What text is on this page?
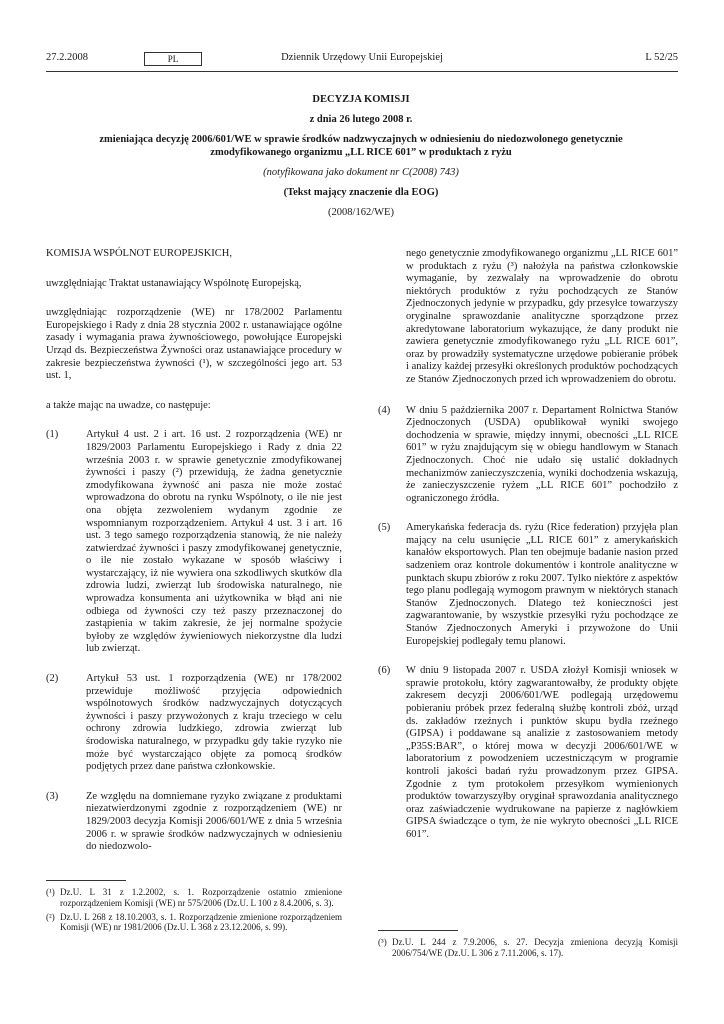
27.2.2008	PL	Dziennik Urzędowy Unii Europejskiej	L 52/25
DECYZJA KOMISJI
z dnia 26 lutego 2008 r.
zmieniająca decyzję 2006/601/WE w sprawie środków nadzwyczajnych w odniesieniu do niedozwolonego genetycznie zmodyfikowanego organizmu „LL RICE 601” w produktach z ryżu
(notyfikowana jako dokument nr C(2008) 743)
(Tekst mający znaczenie dla EOG)
(2008/162/WE)

KOMISJA WSPÓLNOT EUROPEJSKICH,

uwzględniając Traktat ustanawiający Wspólnotę Europejską,

uwzględniając rozporządzenie (WE) nr 178/2002 Parlamentu Europejskiego i Rady z dnia 28 stycznia 2002 r. ustanawiające ogólne zasady i wymagania prawa żywnościowego, powołujące Europejski Urząd ds. Bezpieczeństwa Żywności oraz ustanawiające procedury w zakresie bezpieczeństwa żywności (¹), w szczególności jego art. 53 ust. 1,

a także mając na uwadze, co następuje:

(1)	Artykuł 4 ust. 2 i art. 16 ust. 2 rozporządzenia (WE) nr 1829/2003 Parlamentu Europejskiego i Rady z dnia 22 września 2003 r. w sprawie genetycznie zmodyfikowanej żywności i paszy (²) przewidują, że żadna genetycznie zmodyfikowana żywność ani pasza nie może zostać wprowadzona do obrotu na rynku Wspólnoty, o ile nie jest ona objęta zezwoleniem wydanym zgodnie ze wspomnianym rozporządzeniem. Artykuł 4 ust. 3 i art. 16 ust. 3 tego samego rozporządzenia stanowią, że nie należy zatwierdzać żywności i paszy zmodyfikowanej genetycznie, o ile nie zostało wykazane w sposób właściwy i wystarczający, iż nie wywiera ona szkodliwych skutków dla zdrowia ludzi, zwierząt lub środowiska naturalnego, nie wprowadza konsumenta ani użytkownika w błąd ani nie odbiega od żywności czy też paszy przeznaczonej do zastąpienia w takim zakresie, że jej normalne spożycie byłoby ze względów żywieniowych niekorzystne dla ludzi lub zwierząt.
(2)	Artykuł 53 ust. 1 rozporządzenia (WE) nr 178/2002 przewiduje możliwość przyjęcia odpowiednich wspólnotowych środków nadzwyczajnych dotyczących żywności i paszy przywożonych z kraju trzeciego w celu ochrony zdrowia ludzkiego, zdrowia zwierząt lub środowiska naturalnego, w przypadku gdy takie ryzyko nie może być wystarczająco objęte za pomocą środków podjętych przez dane państwa członkowskie.
(3)	Ze względu na domniemane ryzyko związane z produktami niezatwierdzonymi zgodnie z rozporządzeniem (WE) nr 1829/2003 decyzja Komisji 2006/601/WE z dnia 5 września 2006 r. w sprawie środków nadzwyczajnych w odniesieniu do niedozwolo-
(¹) Dz.U. L 31 z 1.2.2002, s. 1. Rozporządzenie ostatnio zmienione rozporządzeniem Komisji (WE) nr 575/2006 (Dz.U. L 100 z 8.4.2006, s. 3).
(²) Dz.U. L 268 z 18.10.2003, s. 1. Rozporządzenie zmienione rozporządzeniem Komisji (WE) nr 1981/2006 (Dz.U. L 368 z 23.12.2006, s. 99).

nego genetycznie zmodyfikowanego organizmu „LL RICE 601” w produktach z ryżu (³) nałożyła na państwa członkowskie wymaganie, by zezwalały na wprowadzenie do obrotu niektórych produktów z ryżu pochodzących ze Stanów Zjednoczonych jedynie w przypadku, gdy przesyłce towarzyszy oryginalne sprawozdanie analityczne sporządzone przez akredytowane laboratorium wykazujące, że dany produkt nie zawiera genetycznie zmodyfikowanego ryżu „LL RICE 601”, oraz by prowadziły systematyczne urzędowe pobieranie próbek i analizy każdej przesyłki określonych produktów pochodzących ze Stanów Zjednoczonych przed ich wprowadzeniem do obrotu.

(4) W dniu 5 października 2007 r. Departament Rolnictwa Stanów Zjednoczonych (USDA) opublikował wyniki swojego dochodzenia w sprawie, między innymi, obecności „LL RICE 601” w ryżu znajdującym się w obiegu handlowym w Stanach Zjednoczonych. Choć nie udało się ustalić dokładnych mechanizmów zanieczyszczenia, wyniki dochodzenia wskazują, że zanieczyszczenie ryżem „LL RICE 601” pochodziło z ograniczonego źródła.
(5) Amerykańska federacja ds. ryżu (Rice federation) przyjęła plan mający na celu usunięcie „LL RICE 601” z amerykańskich kanałów eksportowych. Plan ten obejmuje badanie nasion przed sadzeniem oraz kontrole dokumentów i kontrole analityczne w punktach skupu zbiorów z roku 2007. Tylko niektóre z aspektów tego planu podlegają wymogom prawnym w niektórych stanach Stanów Zjednoczonych. Dlatego też konieczności jest zagwarantowanie, by wszystkie przesyłki ryżu pochodzące ze Stanów Zjednoczonych Ameryki i przywożone do Unii Europejskiej podlegały temu planowi.
(6) W dniu 9 listopada 2007 r. USDA złożył Komisji wniosek w sprawie protokołu, który zagwarantowałby, że produkty objęte zakresem decyzji 2006/601/WE podlegają urzędowemu pobieraniu próbek przez federalną służbę kontroli zbóż, urząd ds. zakładów rzeźnych i punktów skupu bydła rzeźnego (GIPSA) i poddawane są analizie z zastosowaniem metody „P35S:BAR”, o której mowa w decyzji 2006/601/WE w laboratorium z powodzeniem uczestniczącym w programie kontroli jakości badań ryżu prowadzonym przez GIPSA. Zgodnie z tym protokołem przesyłkom wymienionych produktów towarzyszyłby oryginał sprawozdania analitycznego oraz zaświadczenie wydrukowane na papierze z nagłówkiem GIPSA świadczące o tym, że nie wykryto obecności „LL RICE 601”.
(³) Dz.U. L 244 z 7.9.2006, s. 27. Decyzja zmieniona decyzją Komisji 2006/754/WE (Dz.U. L 306 z 7.11.2006, s. 17).
